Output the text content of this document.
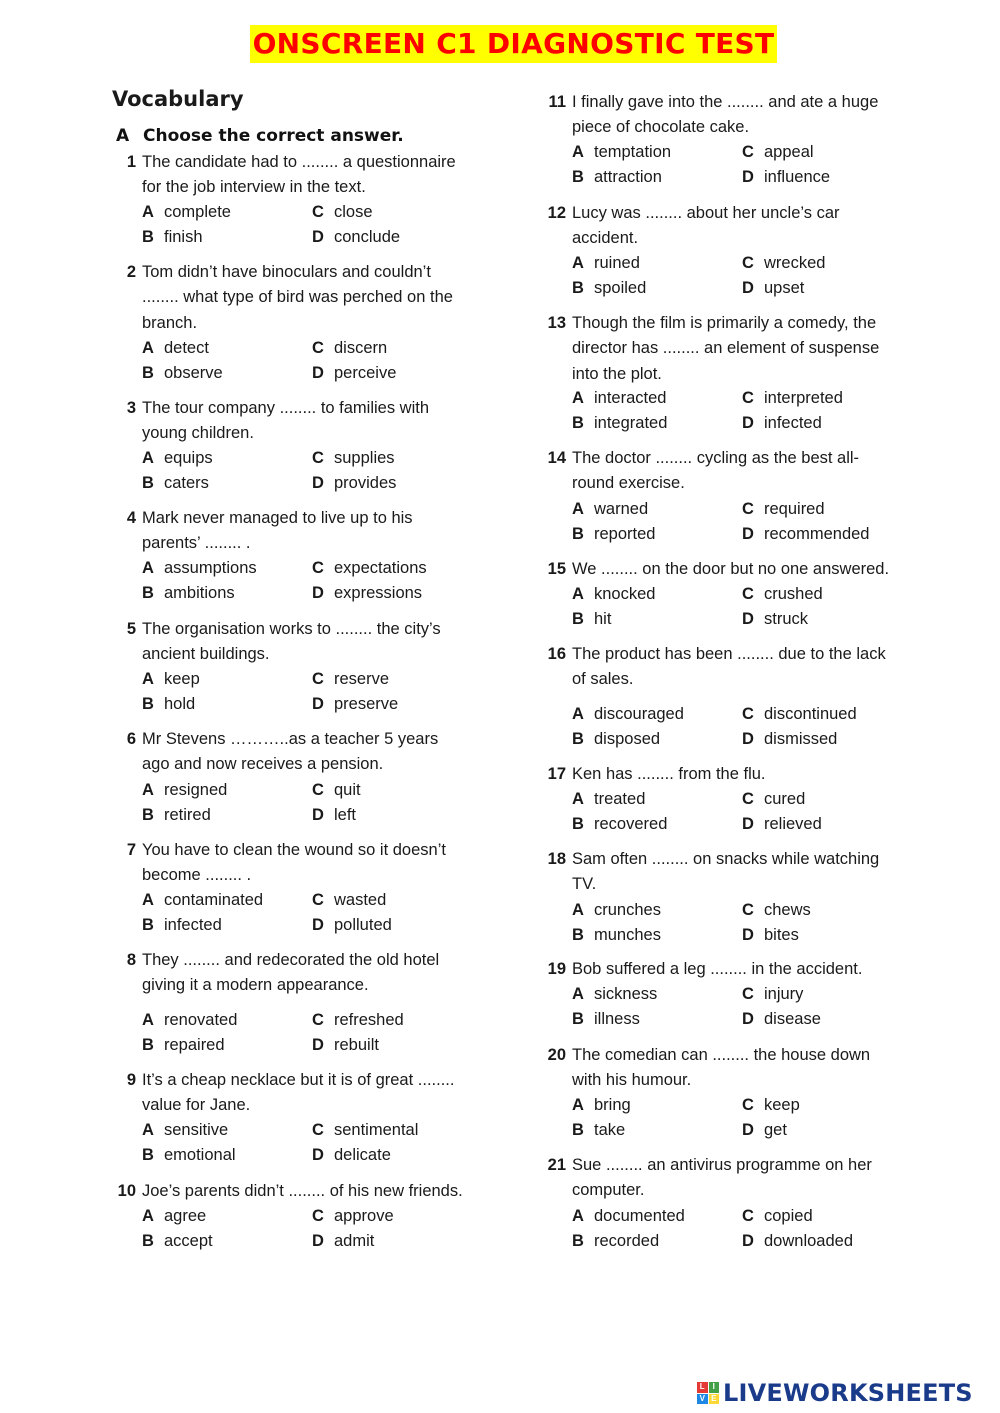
ONSCREEN C1 DIAGNOSTIC TEST
Vocabulary
A Choose the correct answer.
1 The candidate had to ........ a questionnaire
for the job interview in the text.
A complete	C close
B finish	D conclude
2 Tom didn’t have binoculars and couldn’t
........ what type of bird was perched on the
branch.
A detect	C discern
B observe	D perceive
3 The tour company ........ to families with
young children.
A equips	C supplies
B caters	D provides
4 Mark never managed to live up to his
parents’ ........ .
A assumptions	C expectations
B ambitions	D expressions
5 The organisation works to ........ the city’s
ancient buildings.
A keep	C reserve
B hold	D preserve
6 Mr Stevens ………..as a teacher 5 years
ago and now receives a pension.
A resigned	C quit
B retired	D left
7 You have to clean the wound so it doesn’t
become ........ .
A contaminated	C wasted
B infected	D polluted
8 They ........ and redecorated the old hotel
giving it a modern appearance.
A renovated	C refreshed
B repaired	D rebuilt
9 It’s a cheap necklace but it is of great ........
value for Jane.
A sensitive	C sentimental
B emotional	D delicate
10 Joe’s parents didn’t ........ of his new friends.
A agree	C approve
B accept	D admit
11 I finally gave into the ........ and ate a huge
piece of chocolate cake.
A temptation	C appeal
B attraction	D influence
12 Lucy was ........ about her uncle’s car
accident.
A ruined	C wrecked
B spoiled	D upset
13 Though the film is primarily a comedy, the
director has ........ an element of suspense
into the plot.
A interacted	C interpreted
B integrated	D infected
14 The doctor ........ cycling as the best all-
round exercise.
A warned	C required
B reported	D recommended
15 We ........ on the door but no one answered.
A knocked	C crushed
B hit	D struck
16 The product has been ........ due to the lack
of sales.
A discouraged	C discontinued
B disposed	D dismissed
17 Ken has ........ from the flu.
A treated	C cured
B recovered	D relieved
18 Sam often ........ on snacks while watching
TV.
A crunches	C chews
B munches	D bites
19 Bob suffered a leg ........ in the accident.
A sickness	C injury
B illness	D disease
20 The comedian can ........ the house down
with his humour.
A bring	C keep
B take	D get
21 Sue ........ an antivirus programme on her
computer.
A documented	C copied
B recorded	D downloaded
L I
V E LIVEWORKSHEETS
